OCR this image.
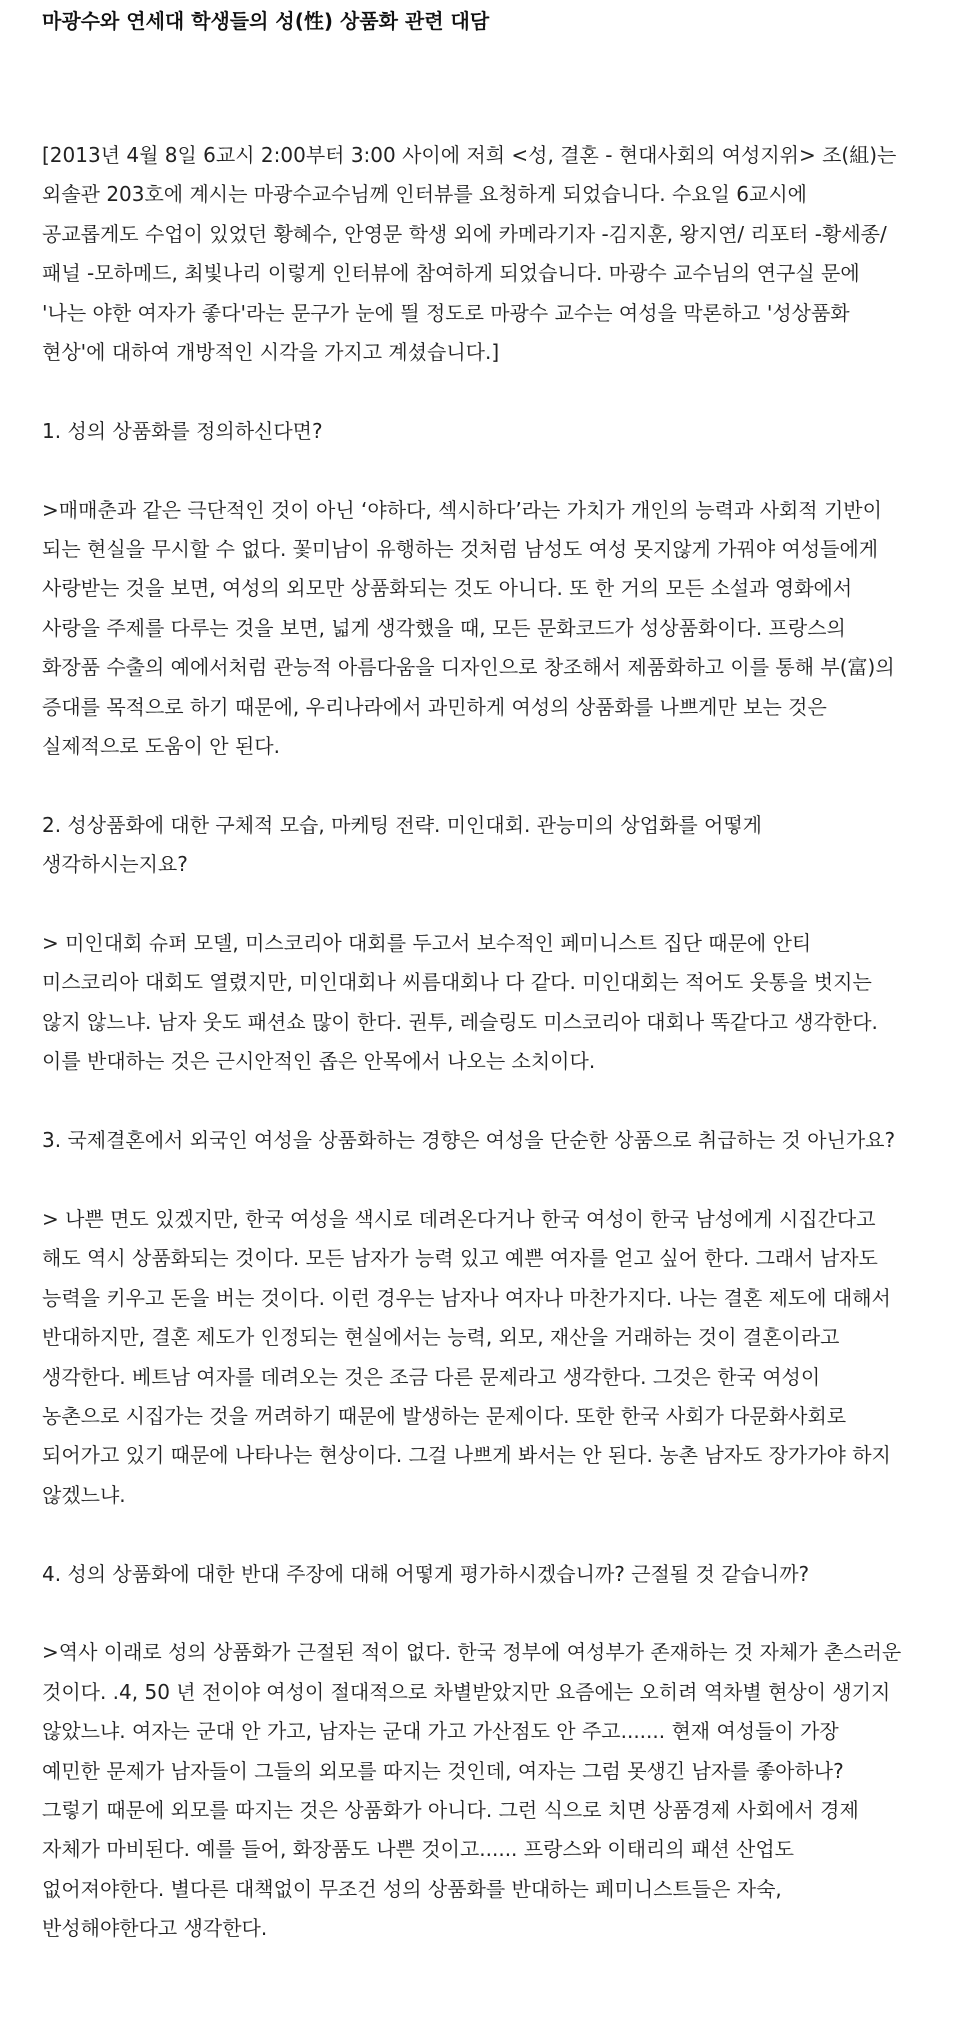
마광수와 연세대 학생들의 성(性) 상품화 관련 대담

[2013년 4월 8일 6교시 2:00부터 3:00 사이에 저희 <성, 결혼 - 현대사회의 여성지위> 조(組)는 외솔관 203호에 계시는 마광수교수님께 인터뷰를 요청하게 되었습니다. 수요일 6교시에 공교롭게도 수업이 있었던 황혜수, 안영문 학생 외에 카메라기자 -김지훈, 왕지연/ 리포터 -황세종/ 패널 -모하메드, 최빛나리 이렇게 인터뷰에 참여하게 되었습니다. 마광수 교수님의 연구실 문에 '나는 야한 여자가 좋다'라는 문구가 눈에 띌 정도로 마광수 교수는 여성을 막론하고 '성상품화 현상'에 대하여 개방적인 시각을 가지고 계셨습니다.]

1. 성의 상품화를 정의하신다면?

>매매춘과 같은 극단적인 것이 아닌 ‘야하다, 섹시하다’라는 가치가 개인의 능력과 사회적 기반이 되는 현실을 무시할 수 없다. 꽃미남이 유행하는 것처럼 남성도 여성 못지않게 가꿔야 여성들에게 사랑받는 것을 보면, 여성의 외모만 상품화되는 것도 아니다. 또 한 거의 모든 소설과 영화에서 사랑을 주제를 다루는 것을 보면, 넓게 생각했을 때, 모든 문화코드가 성상품화이다. 프랑스의 화장품 수출의 예에서처럼 관능적 아름다움을 디자인으로 창조해서 제품화하고 이를 통해 부(富)의 증대를 목적으로 하기 때문에, 우리나라에서 과민하게 여성의 상품화를 나쁘게만 보는 것은 실제적으로 도움이 안 된다.

2. 성상품화에 대한 구체적 모습, 마케팅 전략. 미인대회. 관능미의 상업화를 어떻게 생각하시는지요?

> 미인대회 슈퍼 모델, 미스코리아 대회를 두고서 보수적인 페미니스트 집단 때문에 안티 미스코리아 대회도 열렸지만, 미인대회나 씨름대회나 다 같다. 미인대회는 적어도 웃통을 벗지는 않지 않느냐. 남자 웃도 패션쇼 많이 한다. 권투, 레슬링도 미스코리아 대회나 똑같다고 생각한다. 이를 반대하는 것은 근시안적인 좁은 안목에서 나오는 소치이다.

3. 국제결혼에서 외국인 여성을 상품화하는 경향은 여성을 단순한 상품으로 취급하는 것 아닌가요?

> 나쁜 면도 있겠지만, 한국 여성을 색시로 데려온다거나 한국 여성이 한국 남성에게 시집간다고 해도 역시 상품화되는 것이다. 모든 남자가 능력 있고 예쁜 여자를 얻고 싶어 한다. 그래서 남자도 능력을 키우고 돈을 버는 것이다. 이런 경우는 남자나 여자나 마찬가지다. 나는 결혼 제도에 대해서 반대하지만, 결혼 제도가 인정되는 현실에서는 능력, 외모, 재산을 거래하는 것이 결혼이라고 생각한다. 베트남 여자를 데려오는 것은 조금 다른 문제라고 생각한다. 그것은 한국 여성이 농촌으로 시집가는 것을 꺼려하기 때문에 발생하는 문제이다. 또한 한국 사회가 다문화사회로 되어가고 있기 때문에 나타나는 현상이다. 그걸 나쁘게 봐서는 안 된다. 농촌 남자도 장가가야 하지 않겠느냐.

4. 성의 상품화에 대한 반대 주장에 대해 어떻게 평가하시겠습니까? 근절될 것 같습니까?

>역사 이래로 성의 상품화가 근절된 적이 없다. 한국 정부에 여성부가 존재하는 것 자체가 촌스러운 것이다. .4, 50 년 전이야 여성이 절대적으로 차별받았지만 요즘에는 오히려 역차별 현상이 생기지 않았느냐. 여자는 군대 안 가고, 남자는 군대 가고 가산점도 안 주고....... 현재 여성들이 가장 예민한 문제가 남자들이 그들의 외모를 따지는 것인데, 여자는 그럼 못생긴 남자를 좋아하나? 그렇기 때문에 외모를 따지는 것은 상품화가 아니다. 그런 식으로 치면 상품경제 사회에서 경제 자체가 마비된다. 예를 들어, 화장품도 나쁜 것이고...... 프랑스와 이태리의 패션 산업도 없어져야한다. 별다른 대책없이 무조건 성의 상품화를 반대하는 페미니스트들은 자숙, 반성해야한다고 생각한다.
